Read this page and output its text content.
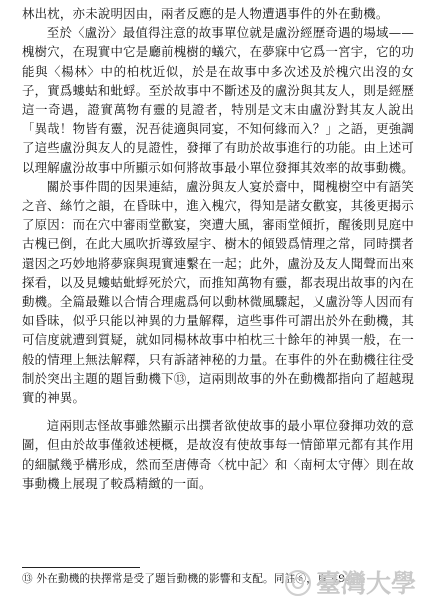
林出枕，亦未說明因由，兩者反應的是人物遭遇事件的外在動機。

至於〈盧汾〉最值得注意的故事單位就是盧汾經歷奇遇的場域——槐樹穴，在現實中它是廳前槐樹的蟻穴，在夢寐中它爲一宮宇，它的功能與〈楊林〉中的柏枕近似，於是在故事中多次述及於槐穴出沒的女子，實爲螻蛄和蚍蜉。至於故事中不斷述及的盧汾與其友人，則是經歷這一奇遇，證實萬物有靈的見證者，特別是文末由盧汾對其友人說出「異哉！物皆有靈，況吾徒適與同宴，不知何緣而入？」之語，更強調了這些盧汾與友人的見證性，發揮了有助於故事進行的功能。由上述可以理解盧汾故事中所顯示如何將故事最小單位發揮其效率的故事動機。

關於事件間的因果連結，盧汾與友人宴於齋中，聞槐樹空中有語笑之音、絲竹之韻，在昏昧中，進入槐穴，得知是諸女歡宴，其後更揭示了原因：而在穴中審雨堂歡宴，突遭大風，審雨堂傾折，醒後則見庭中古槐已倒，在此大風吹折導致屋宇、樹木的傾毀爲情理之常，同時撰者還因之巧妙地將夢寐與現實連繫在一起；此外，盧汾及友人聞聲而出來探看，以及見螻蛄蚍蜉死於穴，而推知萬物有靈，都表現出故事的內在動機。全篇最難以合情合理處爲何以動林微風驟起，乂盧汾等人因而有如昏昧，似乎只能以神異的力量解釋，這些事件可謂出於外在動機，其可信度就遭到質疑，就如同楊林故事中柏枕三十餘年的神異一般，在一般的情理上無法解釋，只有訴諸神秘的力量。在事件的外在動機往往受制於突出主題的題旨動機下⑬，這兩則故事的外在動機都指向了超越現實的神異。

這兩則志怪故事雖然顯示出撰者欲使故事的最小單位發揮功效的意圖，但由於故事僅敘述梗概，是故沒有使故事每一情節單元都有其作用的細膩幾乎構形成，然而至唐傳奇〈枕中記〉和〈南柯太守傳〉則在故事動機上展現了較爲精緻的一面。

⑬ 外在動機的抉擇常是受了題旨動機的影響和支配。同註⑥，頁 49。
臺灣大學
